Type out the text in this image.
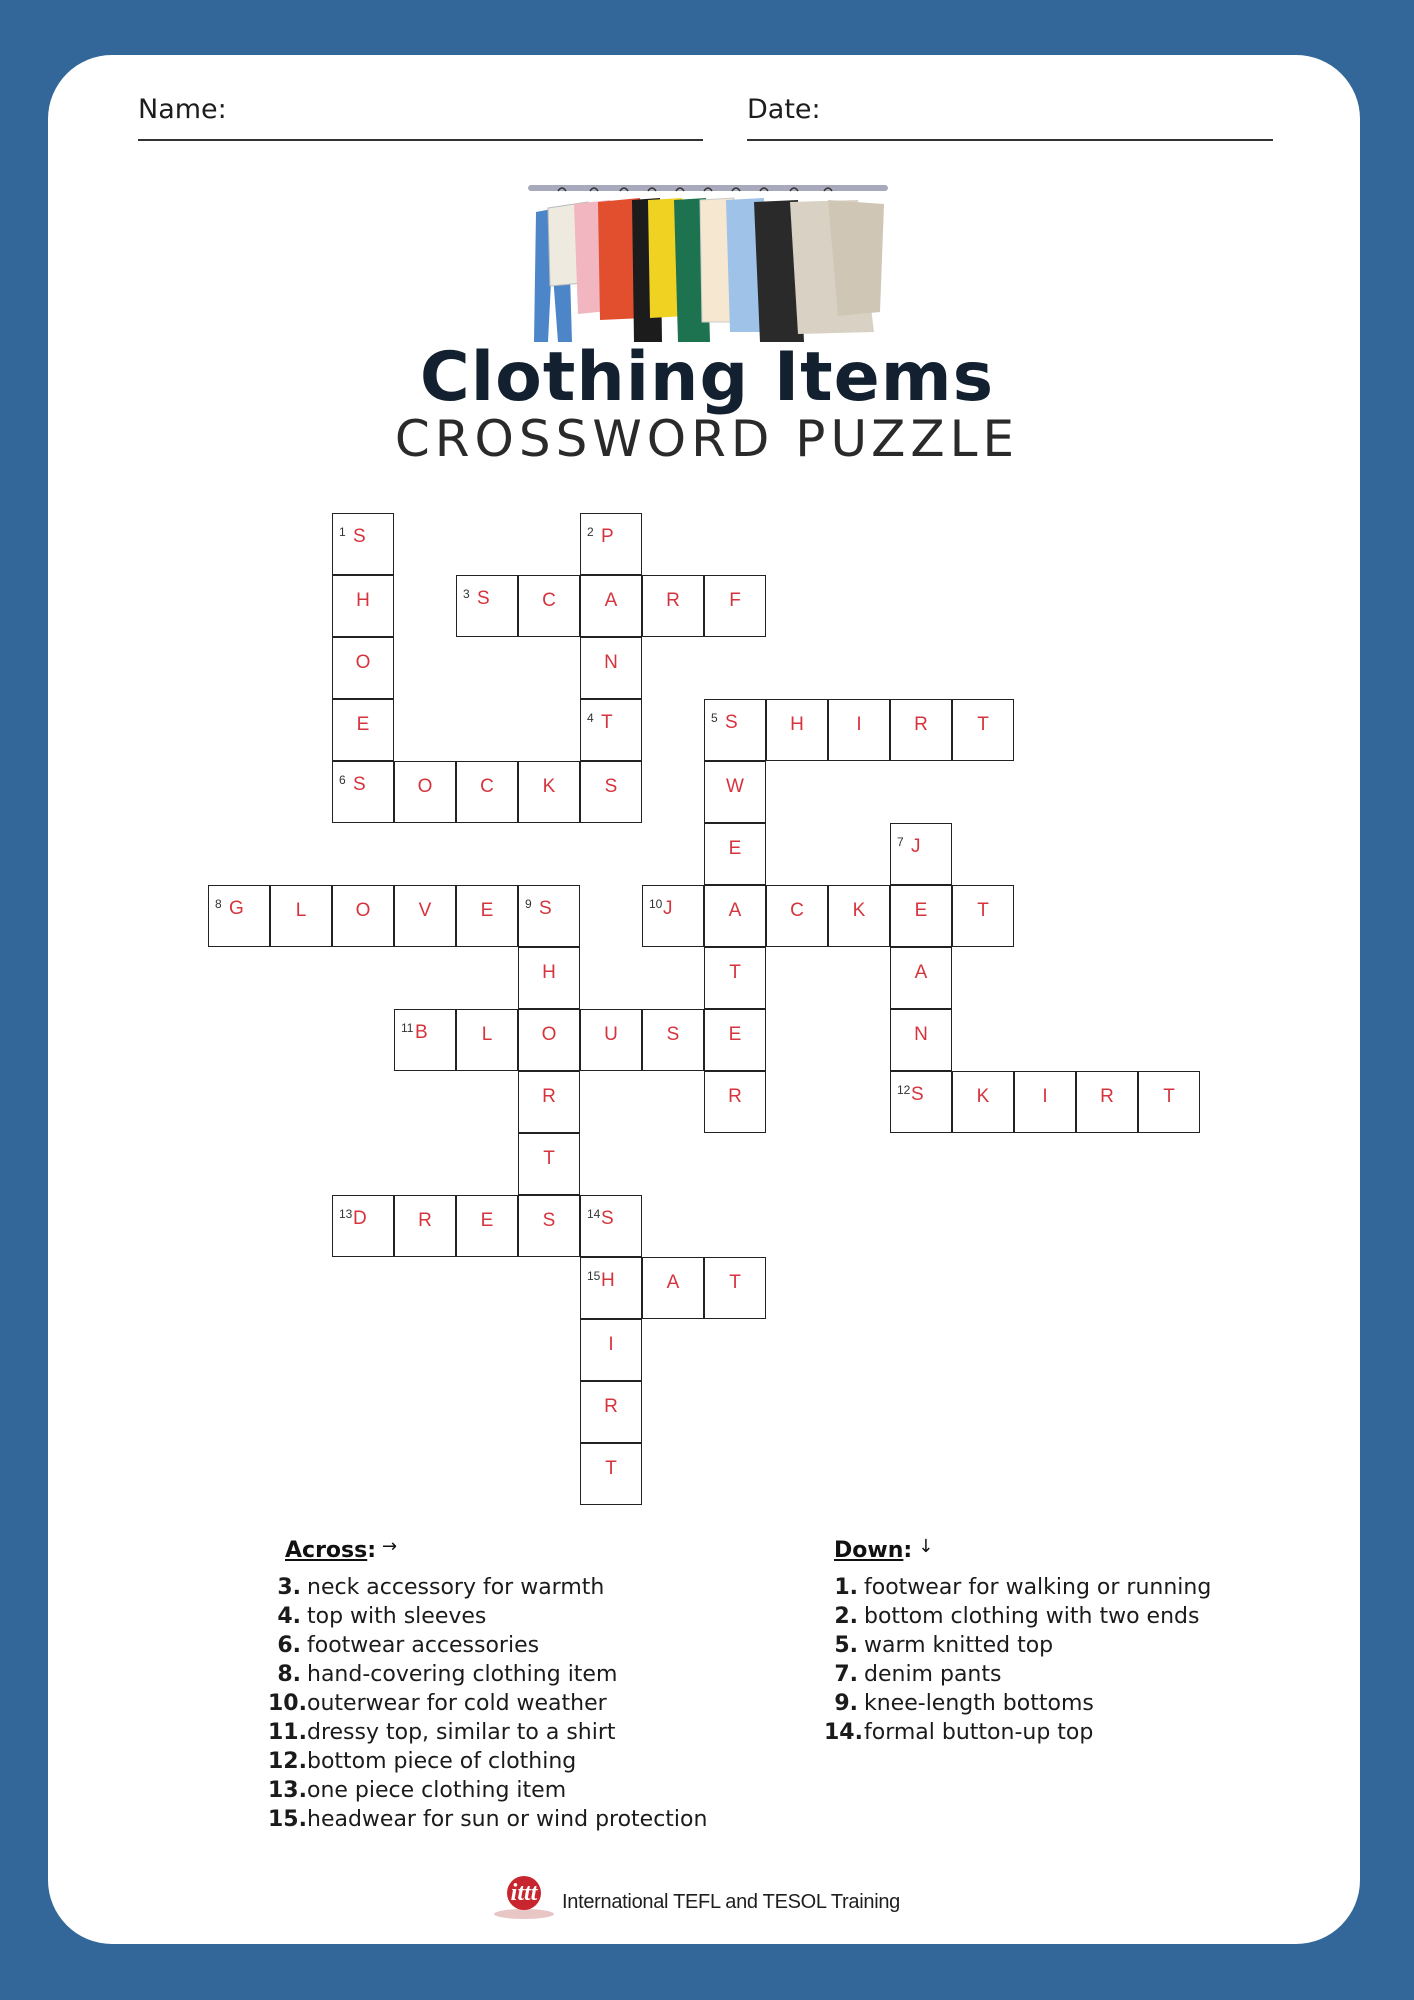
Name:	Date:
Clothing Items
CROSSWORD PUZZLE
1 S	2 P
H	3 S	C	A	R	F
O	N
E	4 T	5 S	H	I	R	T
6 S	O	C	K	S	W
E	7 J
8 G	L	O	V	E	9 S	10 J	A	C	K	E	T
H	T	A
11 B	L	O	U	S	E	N
R	R	12 S	K	I	R	T
T
13 D	R	E	S	14 S
15 H	A	T
I
R
T
Across: →
3. neck accessory for warmth
4. top with sleeves
6. footwear accessories
8. hand-covering clothing item
10.outerwear for cold weather
11.dressy top, similar to a shirt
12.bottom piece of clothing
13.one piece clothing item
15.headwear for sun or wind protection
Down: ↓
1. footwear for walking or running
2. bottom clothing with two ends
5. warm knitted top
7. denim pants
9. knee-length bottoms
14.formal button-up top
ittt International TEFL and TESOL Training
